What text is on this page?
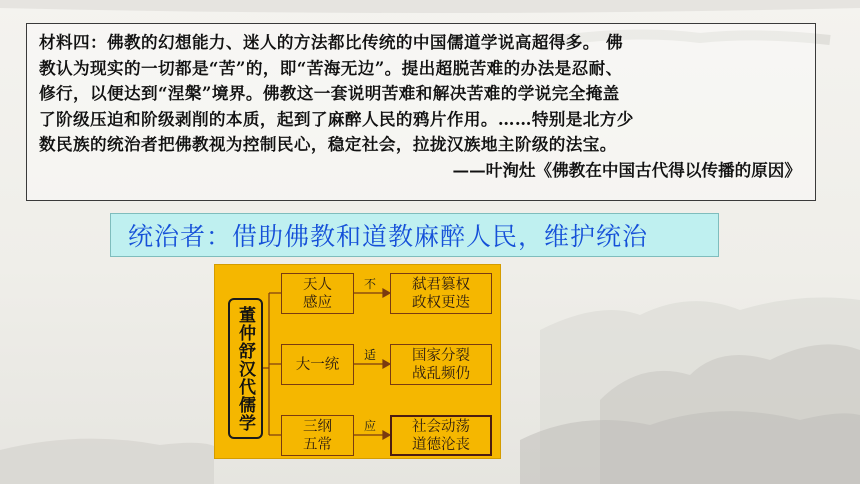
材料四：佛教的幻想能力、迷人的方法都比传统的中国儒道学说高超得多。 佛

教认为现实的一切都是“苦”的，即“苦海无边”。提出超脱苦难的办法是忍耐、

修行，以便达到“涅槃”境界。佛教这一套说明苦难和解决苦难的学说完全掩盖

了阶级压迫和阶级剥削的本质，起到了麻醉人民的鸦片作用。……特别是北方少

数民族的统治者把佛教视为控制民心，稳定社会，拉拢汉族地主阶级的法宝。

——叶洵灶《佛教在中国古代得以传播的原因》

统治者：借助佛教和道教麻醉人民，维护统治
董仲舒汉代儒学
天人
感应
不 弑君篡权
政权更迭
大一统
适 国家分裂
战乱频仍
三纲
五常
应 社会动荡
道德沦丧
